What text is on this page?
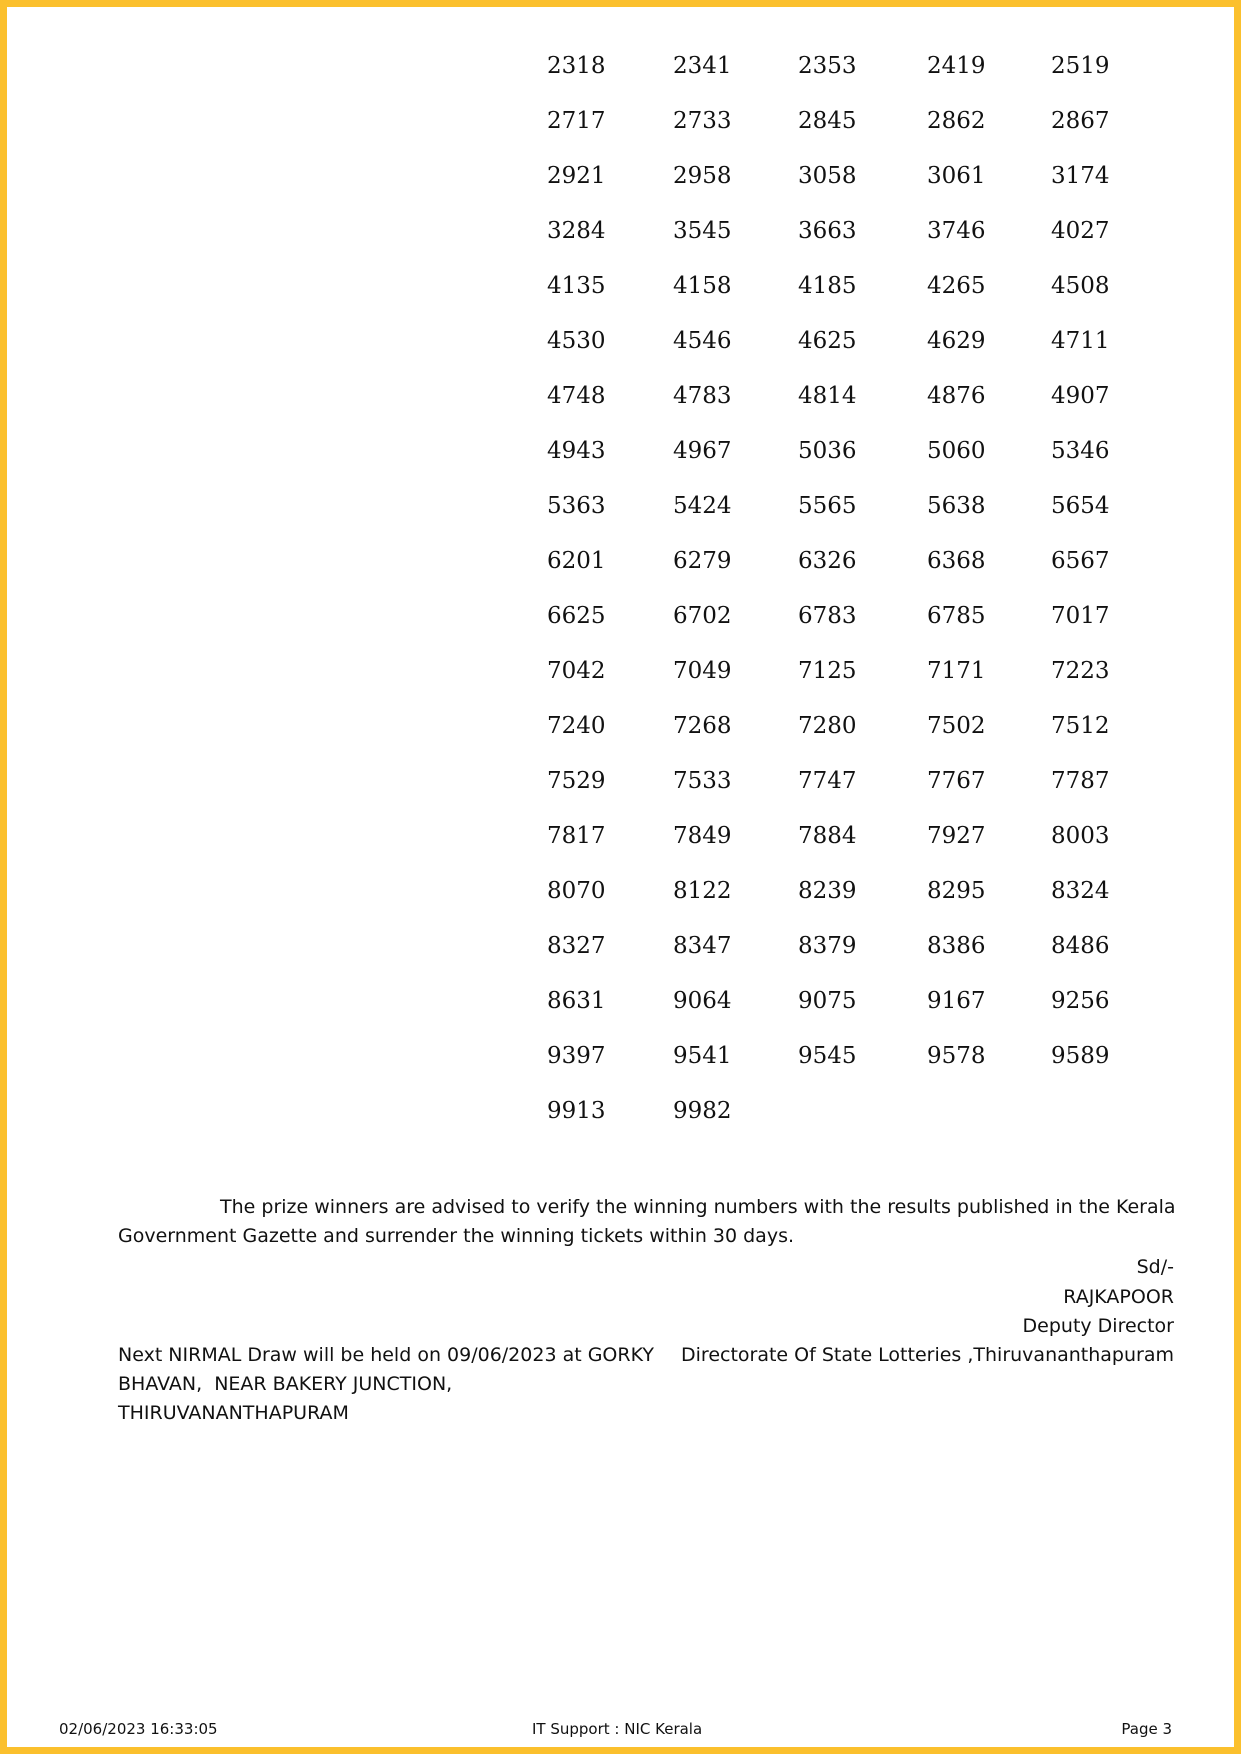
2318	2341	2353	2419	2519
2717	2733	2845	2862	2867
2921	2958	3058	3061	3174
3284	3545	3663	3746	4027
4135	4158	4185	4265	4508
4530	4546	4625	4629	4711
4748	4783	4814	4876	4907
4943	4967	5036	5060	5346
5363	5424	5565	5638	5654
6201	6279	6326	6368	6567
6625	6702	6783	6785	7017
7042	7049	7125	7171	7223
7240	7268	7280	7502	7512
7529	7533	7747	7767	7787
7817	7849	7884	7927	8003
8070	8122	8239	8295	8324
8327	8347	8379	8386	8486
8631	9064	9075	9167	9256
9397	9541	9545	9578	9589
9913	9982

The prize winners are advised to verify the winning numbers with the results published in the Kerala Government Gazette and surrender the winning tickets within 30 days.

Sd/-
RAJKAPOOR
Deputy Director
Directorate Of State Lotteries ,Thiruvananthapuram
Next NIRMAL Draw will be held on 09/06/2023 at GORKY
BHAVAN,  NEAR BAKERY JUNCTION,
THIRUVANANTHAPURAM
02/06/2023 16:33:05	IT Support : NIC Kerala	Page 3
